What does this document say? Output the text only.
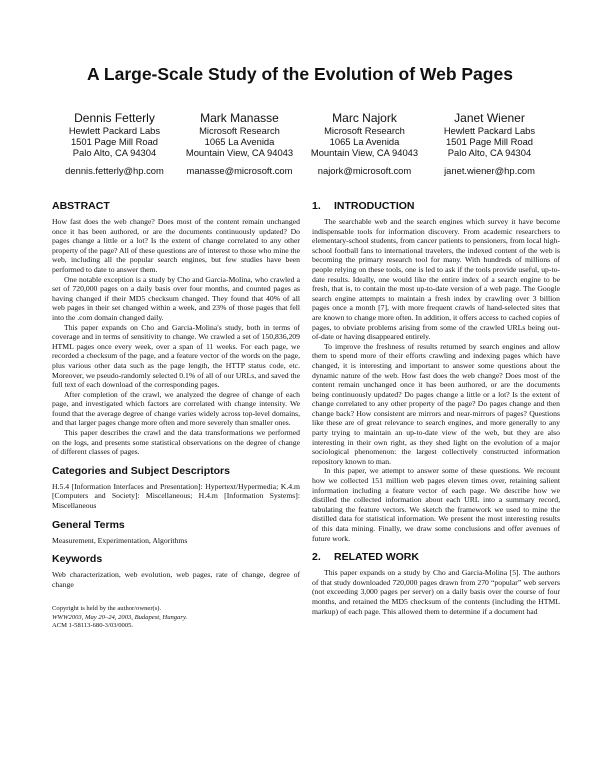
A Large-Scale Study of the Evolution of Web Pages
Dennis Fetterly
Hewlett Packard Labs
1501 Page Mill Road
Palo Alto, CA 94304
dennis.fetterly@hp.com
Mark Manasse
Microsoft Research
1065 La Avenida
Mountain View, CA 94043
manasse@microsoft.com
Marc Najork
Microsoft Research
1065 La Avenida
Mountain View, CA 94043
najork@microsoft.com
Janet Wiener
Hewlett Packard Labs
1501 Page Mill Road
Palo Alto, CA 94304
janet.wiener@hp.com
ABSTRACT

How fast does the web change? Does most of the content remain unchanged once it has been authored, or are the documents continuously updated? Do pages change a little or a lot? Is the extent of change correlated to any other property of the page? All of these questions are of interest to those who mine the web, including all the popular search engines, but few studies have been performed to date to answer them.

One notable exception is a study by Cho and Garcia-Molina, who crawled a set of 720,000 pages on a daily basis over four months, and counted pages as having changed if their MD5 checksum changed. They found that 40% of all web pages in their set changed within a week, and 23% of those pages that fell into the .com domain changed daily.

This paper expands on Cho and Garcia-Molina's study, both in terms of coverage and in terms of sensitivity to change. We crawled a set of 150,836,209 HTML pages once every week, over a span of 11 weeks. For each page, we recorded a checksum of the page, and a feature vector of the words on the page, plus various other data such as the page length, the HTTP status code, etc. Moreover, we pseudo-randomly selected 0.1% of all of our URLs, and saved the full text of each download of the corresponding pages.

After completion of the crawl, we analyzed the degree of change of each page, and investigated which factors are correlated with change intensity. We found that the average degree of change varies widely across top-level domains, and that larger pages change more often and more severely than smaller ones.

This paper describes the crawl and the data transformations we performed on the logs, and presents some statistical observations on the degree of change of different classes of pages.

Categories and Subject Descriptors

H.5.4 [Information Interfaces and Presentation]: Hypertext/Hypermedia; K.4.m [Computers and Society]: Miscellaneous; H.4.m [Information Systems]: Miscellaneous

General Terms

Measurement, Experimentation, Algorithms

Keywords

Web characterization, web evolution, web pages, rate of change, degree of change

Copyright is held by the author/owner(s).
WWW2003, May 20–24, 2003, Budapest, Hungary.
ACM 1-58113-680-3/03/0005.
1. INTRODUCTION

The searchable web and the search engines which survey it have become indispensable tools for information discovery. From academic researchers to elementary-school students, from cancer patients to pensioners, from local high-school football fans to international travelers, the indexed content of the web is becoming the primary research tool for many. With hundreds of millions of people relying on these tools, one is led to ask if the tools provide useful, up-to-date results. Ideally, one would like the entire index of a search engine to be fresh, that is, to contain the most up-to-date version of a web page. The Google search engine attempts to maintain a fresh index by crawling over 3 billion pages once a month [7], with more frequent crawls of hand-selected sites that are known to change more often. In addition, it offers access to cached copies of pages, to obviate problems arising from some of the crawled URLs being out-of-date or having disappeared entirely.

To improve the freshness of results returned by search engines and allow them to spend more of their efforts crawling and indexing pages which have changed, it is interesting and important to answer some questions about the dynamic nature of the web. How fast does the web change? Does most of the content remain unchanged once it has been authored, or are the documents being continuously updated? Do pages change a little or a lot? Is the extent of change correlated to any other property of the page? Do pages change and then change back? How consistent are mirrors and near-mirrors of pages? Questions like these are of great relevance to search engines, and more generally to any party trying to maintain an up-to-date view of the web, but they are also interesting in their own right, as they shed light on the evolution of a major sociological phenomenon: the largest collectively constructed information repository known to man.

In this paper, we attempt to answer some of these questions. We recount how we collected 151 million web pages eleven times over, retaining salient information including a feature vector of each page. We describe how we distilled the collected information about each URL into a summary record, tabulating the feature vectors. We sketch the framework we used to mine the distilled data for statistical information. We present the most interesting results of this data mining. Finally, we draw some conclusions and offer avenues of future work.

2. RELATED WORK

This paper expands on a study by Cho and Garcia-Molina [5]. The authors of that study downloaded 720,000 pages drawn from 270 “popular” web servers (not exceeding 3,000 pages per server) on a daily basis over the course of four months, and retained the MD5 checksum of the contents (including the HTML markup) of each page. This allowed them to determine if a document had
